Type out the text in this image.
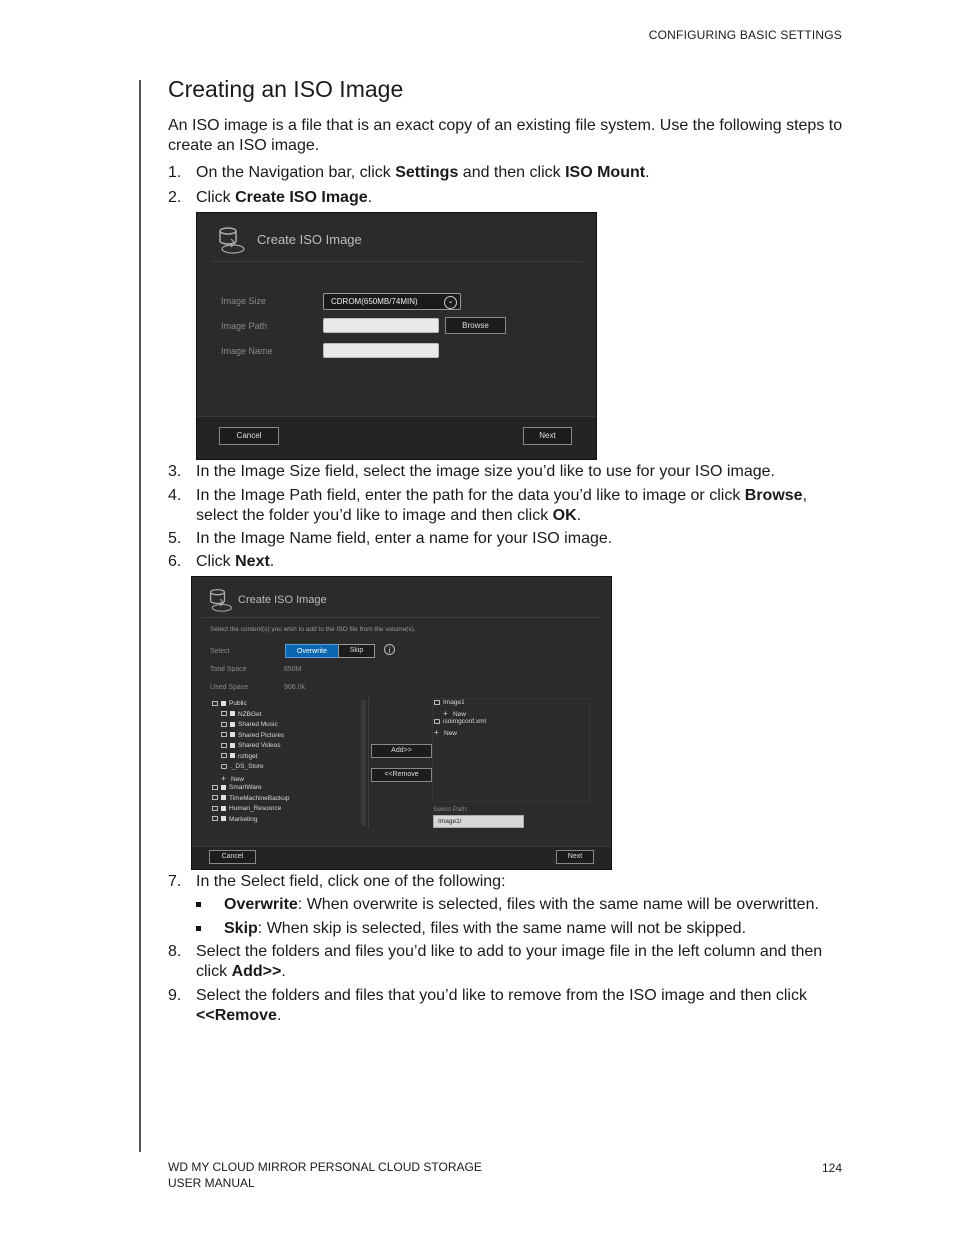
CONFIGURING BASIC SETTINGS
Creating an ISO Image
An ISO image is a file that is an exact copy of an existing file system. Use the following steps to create an ISO image.
1. On the Navigation bar, click Settings and then click ISO Mount.
2. Click Create ISO Image.
Create ISO Image
Image Size	CDROM(650MB/74MIN)	⌄
Image Path	Browse
Image Name
Cancel	Next
3. In the Image Size field, select the image size you’d like to use for your ISO image.
4. In the Image Path field, enter the path for the data you’d like to image or click Browse, select the folder you’d like to image and then click OK.
5. In the Image Name field, enter a name for your ISO image.
6. Click Next.
Create ISO Image
Select the content(s) you wish to add to the ISO file from the volume(s).
Select	Overwrite	Skip	i
Total Space	650M
Used Space	906.0k
Add>>
<<Remove
Select Path:
Image1/
Cancel	Next
Public
NZBGet
Shared Music
Shared Pictures
Shared Videos
nzbget
._DS_Store
+ New
SmartWare
TimeMachineBackup
Human_Resource
Marketing
Image1
+ New
isoimgconf.xml
+ New
7. In the Select field, click one of the following:
Overwrite: When overwrite is selected, files with the same name will be overwritten.
Skip: When skip is selected, files with the same name will not be skipped.
8. Select the folders and files you’d like to add to your image file in the left column and then click Add>>.
9. Select the folders and files that you’d like to remove from the ISO image and then click <<Remove.
WD MY CLOUD MIRROR PERSONAL CLOUD STORAGE
USER MANUAL
124
